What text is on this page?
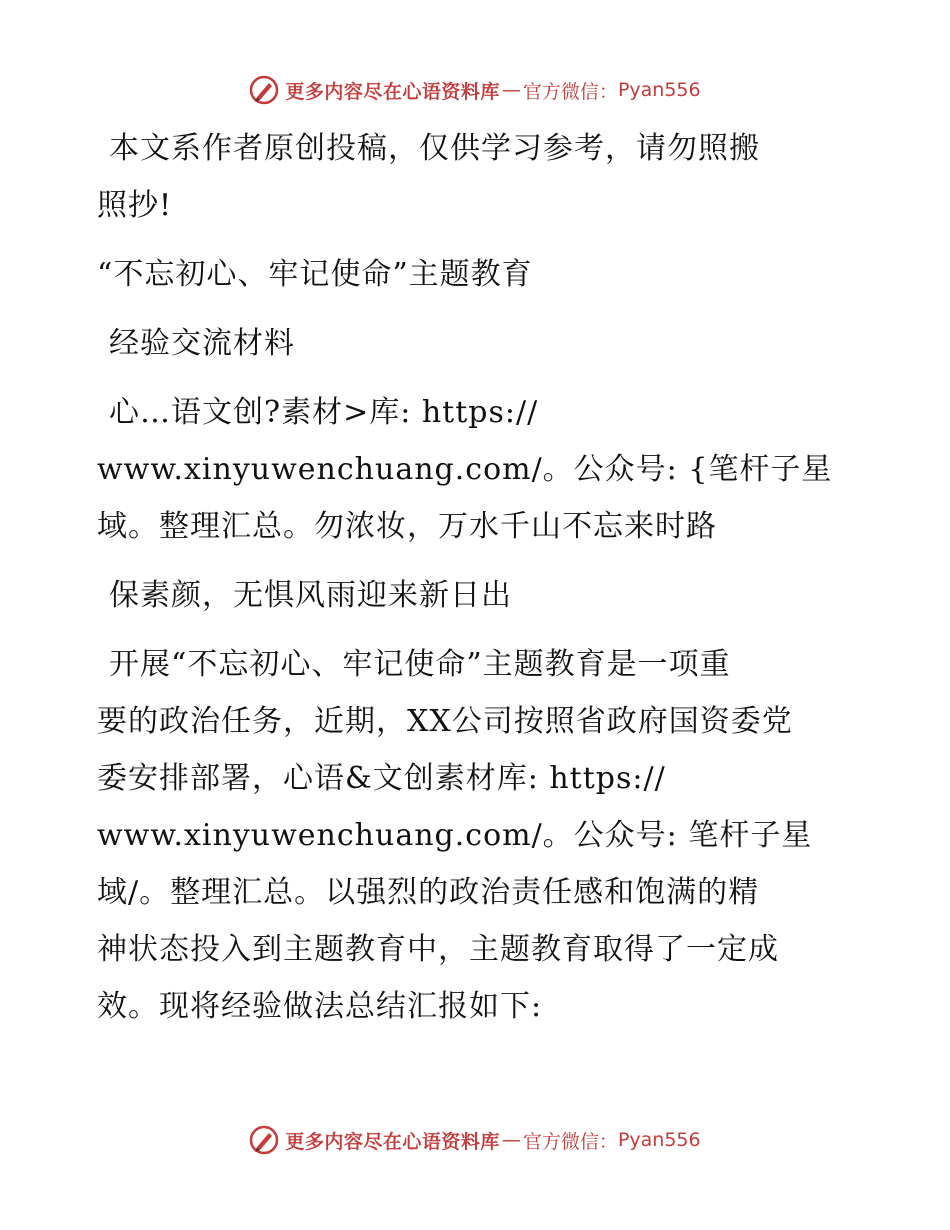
更多内容尽在心语资料库 — 官方微信： Pyan556

本文系作者原创投稿，仅供学习参考，请勿照搬

照抄!

“不忘初心、牢记使命”主题教育

经验交流材料

心…语文创?素材>库: https://

www.xinyuwenchuang.com/。公众号: {笔杆子星

域。整理汇总。勿浓妆，万水千山不忘来时路

保素颜，无惧风雨迎来新日出

开展“不忘初心、牢记使命”主题教育是一项重

要的政治任务，近期，XX公司按照省政府国资委党

委安排部署，心语&文创素材库: https://

www.xinyuwenchuang.com/。公众号: 笔杆子星

域/。整理汇总。以强烈的政治责任感和饱满的精

神状态投入到主题教育中，主题教育取得了一定成

效。现将经验做法总结汇报如下:

更多内容尽在心语资料库 — 官方微信： Pyan556
